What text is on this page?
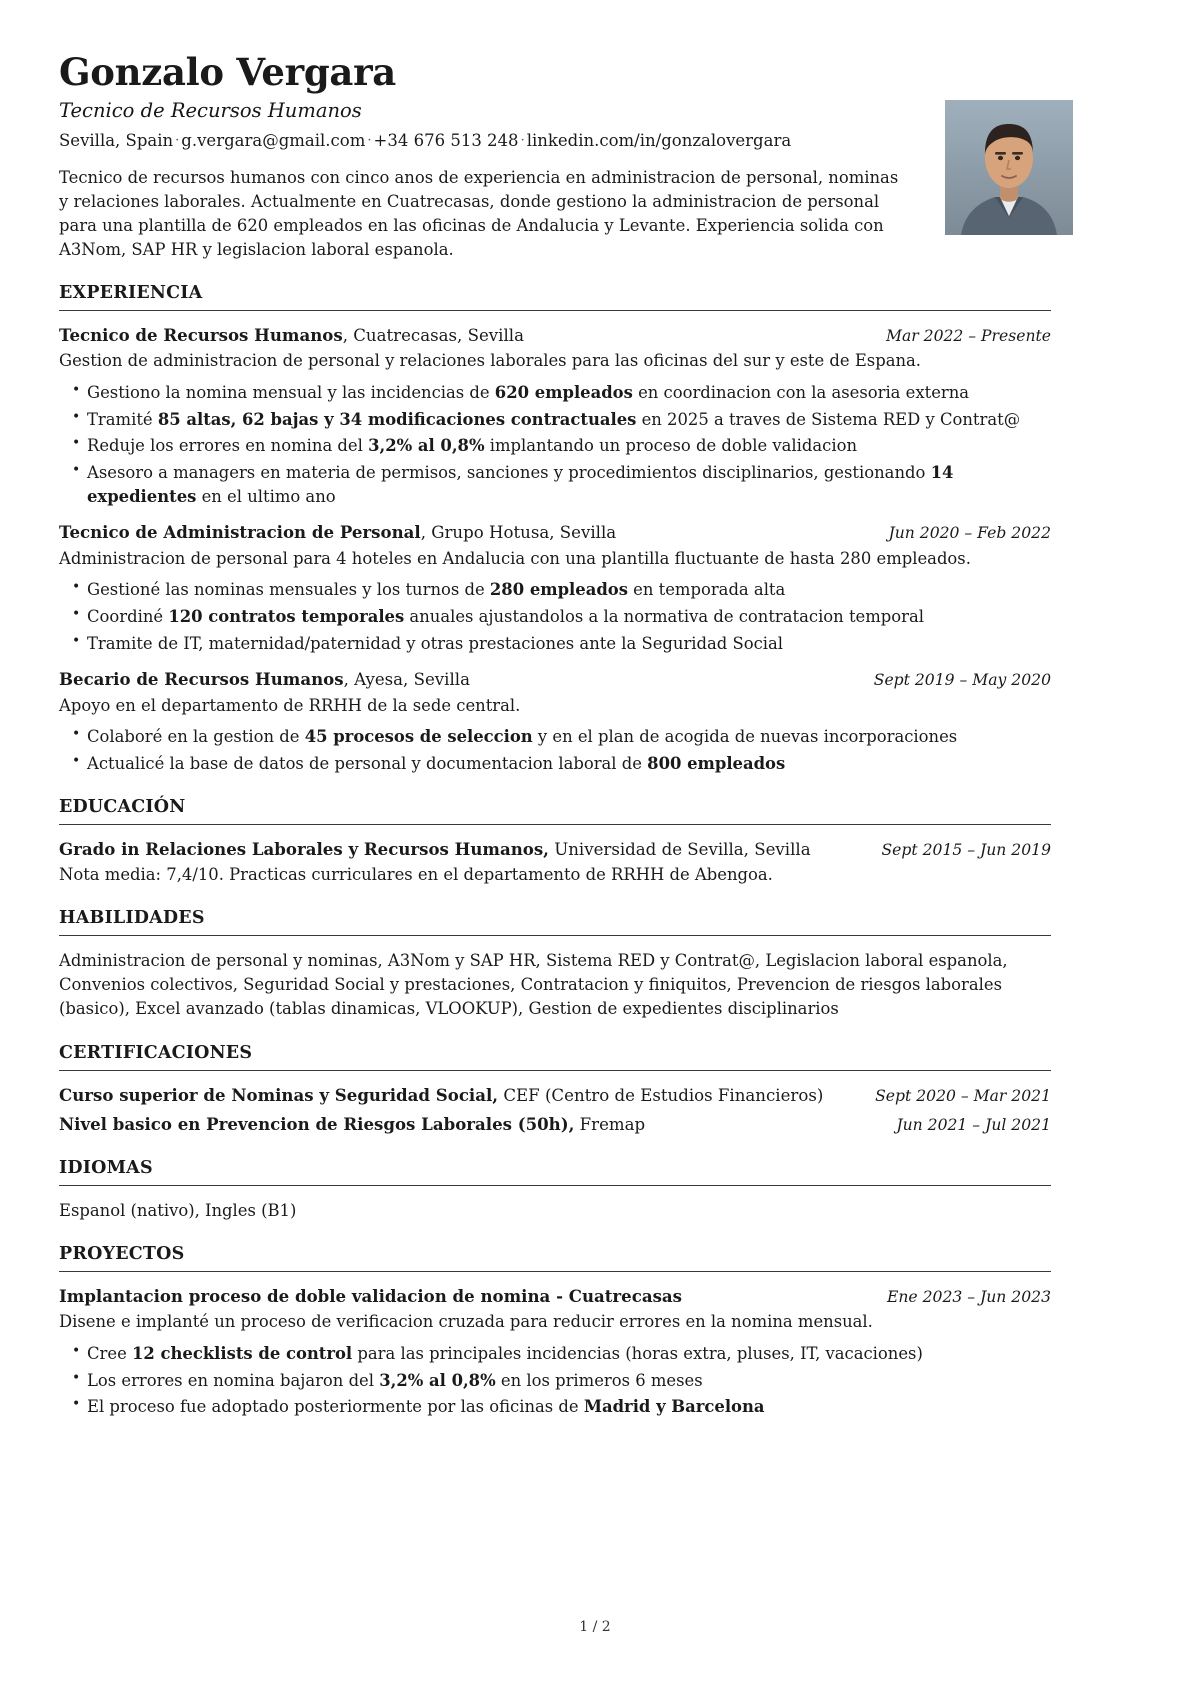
Gonzalo Vergara
Tecnico de Recursos Humanos
Sevilla, Spain · g.vergara@gmail.com · +34 676 513 248 · linkedin.com/in/gonzalovergara

Tecnico de recursos humanos con cinco anos de experiencia en administracion de personal, nominas y relaciones laborales. Actualmente en Cuatrecasas, donde gestiono la administracion de personal para una plantilla de 620 empleados en las oficinas de Andalucia y Levante. Experiencia solida con A3Nom, SAP HR y legislacion laboral espanola.

EXPERIENCIA
Tecnico de Recursos Humanos, Cuatrecasas, Sevilla	Mar 2022 – Presente
Gestion de administracion de personal y relaciones laborales para las oficinas del sur y este de Espana.
• Gestiono la nomina mensual y las incidencias de 620 empleados en coordinacion con la asesoria externa
• Tramité 85 altas, 62 bajas y 34 modificaciones contractuales en 2025 a traves de Sistema RED y Contrat@
• Reduje los errores en nomina del 3,2% al 0,8% implantando un proceso de doble validacion
• Asesoro a managers en materia de permisos, sanciones y procedimientos disciplinarios, gestionando 14 expedientes en el ultimo ano
Tecnico de Administracion de Personal, Grupo Hotusa, Sevilla	Jun 2020 – Feb 2022
Administracion de personal para 4 hoteles en Andalucia con una plantilla fluctuante de hasta 280 empleados.
• Gestioné las nominas mensuales y los turnos de 280 empleados en temporada alta
• Coordiné 120 contratos temporales anuales ajustandolos a la normativa de contratacion temporal
• Tramite de IT, maternidad/paternidad y otras prestaciones ante la Seguridad Social
Becario de Recursos Humanos, Ayesa, Sevilla	Sept 2019 – May 2020
Apoyo en el departamento de RRHH de la sede central.
• Colaboré en la gestion de 45 procesos de seleccion y en el plan de acogida de nuevas incorporaciones
• Actualicé la base de datos de personal y documentacion laboral de 800 empleados
EDUCACIÓN
Grado in Relaciones Laborales y Recursos Humanos, Universidad de Sevilla, Sevilla	Sept 2015 – Jun 2019
Nota media: 7,4/10. Practicas curriculares en el departamento de RRHH de Abengoa.
HABILIDADES
Administracion de personal y nominas, A3Nom y SAP HR, Sistema RED y Contrat@, Legislacion laboral espanola, Convenios colectivos, Seguridad Social y prestaciones, Contratacion y finiquitos, Prevencion de riesgos laborales (basico), Excel avanzado (tablas dinamicas, VLOOKUP), Gestion de expedientes disciplinarios
CERTIFICACIONES
Curso superior de Nominas y Seguridad Social, CEF (Centro de Estudios Financieros)	Sept 2020 – Mar 2021
Nivel basico en Prevencion de Riesgos Laborales (50h), Fremap	Jun 2021 – Jul 2021
IDIOMAS
Espanol (nativo), Ingles (B1)
PROYECTOS
Implantacion proceso de doble validacion de nomina - Cuatrecasas	Ene 2023 – Jun 2023
Disene e implanté un proceso de verificacion cruzada para reducir errores en la nomina mensual.
• Cree 12 checklists de control para las principales incidencias (horas extra, pluses, IT, vacaciones)
• Los errores en nomina bajaron del 3,2% al 0,8% en los primeros 6 meses
• El proceso fue adoptado posteriormente por las oficinas de Madrid y Barcelona
1 / 2
